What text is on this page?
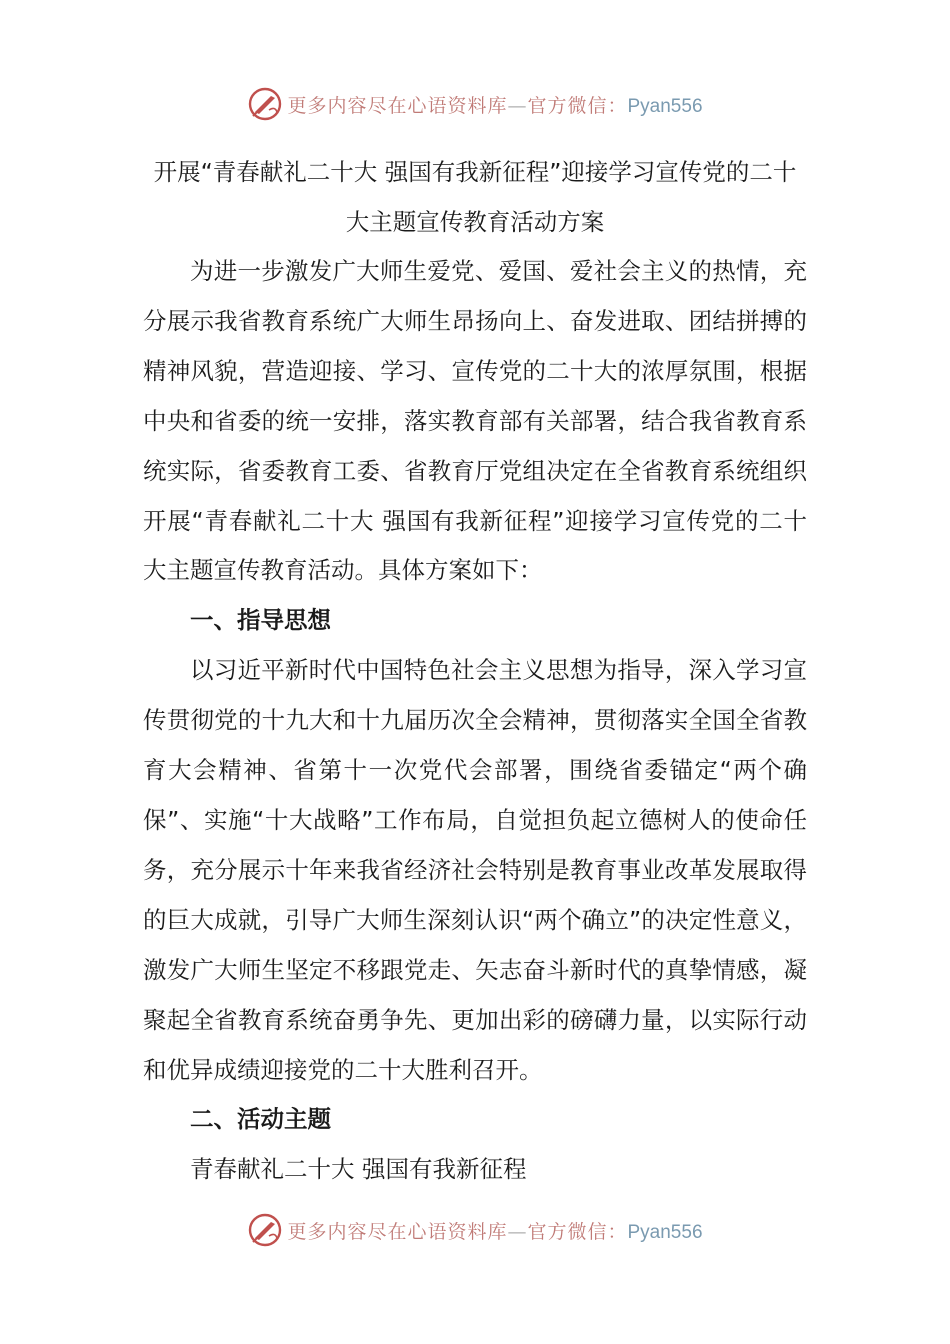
更多内容尽在心语资料库—官方微信：Pyan556
开展“青春献礼二十大 强国有我新征程”迎接学习宣传党的二十大主题宣传教育活动方案

为进一步激发广大师生爱党、爱国、爱社会主义的热情，充分展示我省教育系统广大师生昂扬向上、奋发进取、团结拼搏的精神风貌，营造迎接、学习、宣传党的二十大的浓厚氛围，根据中央和省委的统一安排，落实教育部有关部署，结合我省教育系统实际，省委教育工委、省教育厅党组决定在全省教育系统组织开展“青春献礼二十大 强国有我新征程”迎接学习宣传党的二十大主题宣传教育活动。具体方案如下：

一、指导思想

以习近平新时代中国特色社会主义思想为指导，深入学习宣传贯彻党的十九大和十九届历次全会精神，贯彻落实全国全省教育大会精神、省第十一次党代会部署，围绕省委锚定“两个确保”、实施“十大战略”工作布局，自觉担负起立德树人的使命任务，充分展示十年来我省经济社会特别是教育事业改革发展取得的巨大成就，引导广大师生深刻认识“两个确立”的决定性意义，激发广大师生坚定不移跟党走、矢志奋斗新时代的真挚情感，凝聚起全省教育系统奋勇争先、更加出彩的磅礴力量，以实际行动和优异成绩迎接党的二十大胜利召开。

二、活动主题

青春献礼二十大 强国有我新征程

更多内容尽在心语资料库—官方微信：Pyan556
